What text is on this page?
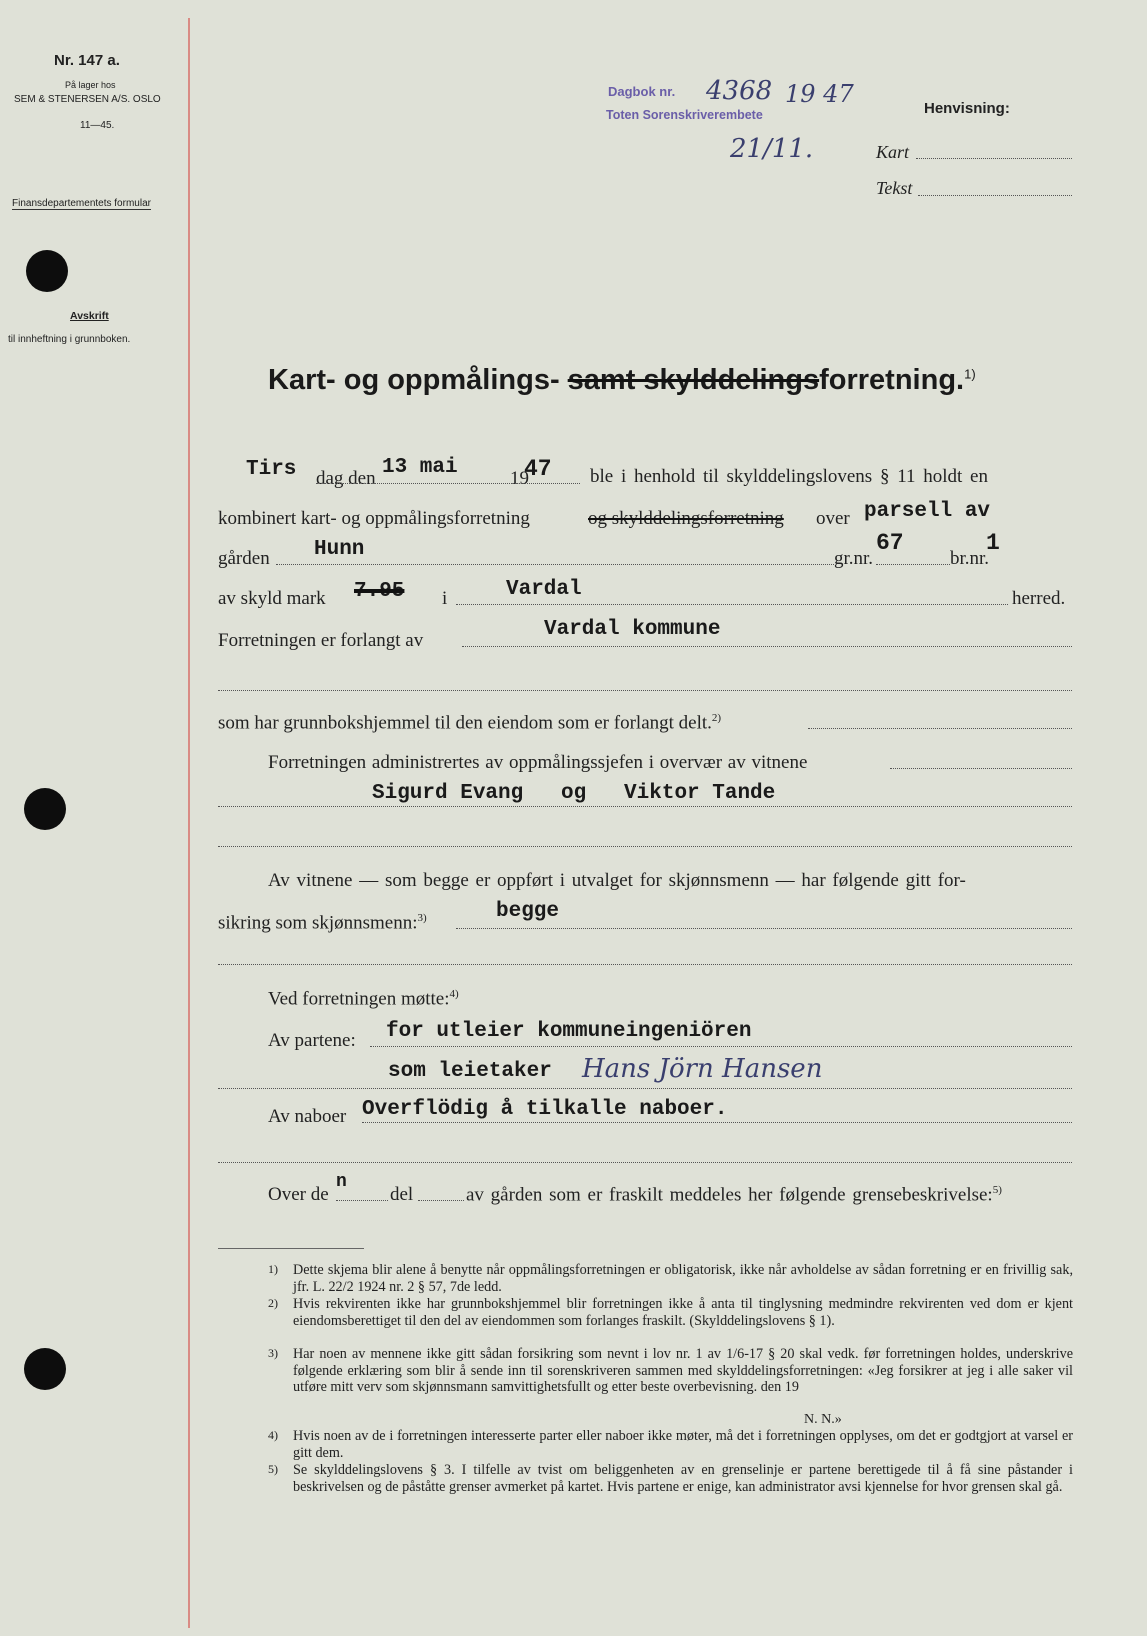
Nr. 147 a.
På lager hos
SEM & STENERSEN A/S. OSLO
11—45.
Finansdepartementets formular
Avskrift
til innheftning i grunnboken.
Dagbok nr. 4368 19 47
Toten Sorenskriverembete
21/11.
Henvisning:
Kart
Tekst
Kart- og oppmålings- samt skylddelingsforretning.$^{1)}$
Tirs dag den 13 mai	19
47 ble i henhold til skylddelingslovens § 11 holdt en
kombinert kart- og oppmålingsforretning	og skylddelingsforretning over parsell av
gården Hunn	gr.nr.
67
br.nr.
1
av skyld mark 7.95 i	Vardal	herred.
Forretningen er forlangt av	Vardal kommune
som har grunnbokshjemmel til den eiendom som er forlangt delt.$^{2)}$
Forretningen administrertes av oppmålingssjefen i overvær av vitnene
Sigurd Evang   og   Viktor Tande
Av vitnene — som begge er oppført i utvalget for skjønnsmenn — har følgende gitt for-
sikring som skjønnsmenn:$^{3)}$	begge
Ved forretningen møtte:$^{4)}$
Av partene: for utleier kommuneingeniören
som leietaker Hans Jörn Hansen
Av naboer Overflödig å tilkalle naboer.
Over de
n
del	av gården som er fraskilt meddeles her følgende grensebeskrivelse:$^{5)}$
1) Dette skjema blir alene å benytte når oppmålingsforretningen er obligatorisk, ikke når avholdelse av sådan forretning er en frivillig sak, jfr. L. 22/2 1924 nr. 2 § 57, 7de ledd.
2) Hvis rekvirenten ikke har grunnbokshjemmel blir forretningen ikke å anta til tinglysning medmindre rekvirenten ved dom er kjent eiendomsberettiget til den del av eiendommen som forlanges fraskilt. (Skylddelingslovens § 1).
3) Har noen av mennene ikke gitt sådan forsikring som nevnt i lov nr. 1 av 1/6-17 § 20 skal vedk. før forretningen holdes, underskrive følgende erklæring som blir å sende inn til sorenskriveren sammen med skylddelingsforretningen: «Jeg forsikrer at jeg i alle saker vil utføre mitt verv som skjønnsmann samvittighetsfullt og etter beste overbevisning. den 19
N. N.»
4) Hvis noen av de i forretningen interesserte parter eller naboer ikke møter, må det i forretningen opplyses, om det er godtgjort at varsel er gitt dem.
5) Se skylddelingslovens § 3. I tilfelle av tvist om beliggenheten av en grenselinje er partene berettigede til å få sine påstander i beskrivelsen og de påståtte grenser avmerket på kartet. Hvis partene er enige, kan administrator avsi kjennelse for hvor grensen skal gå.
